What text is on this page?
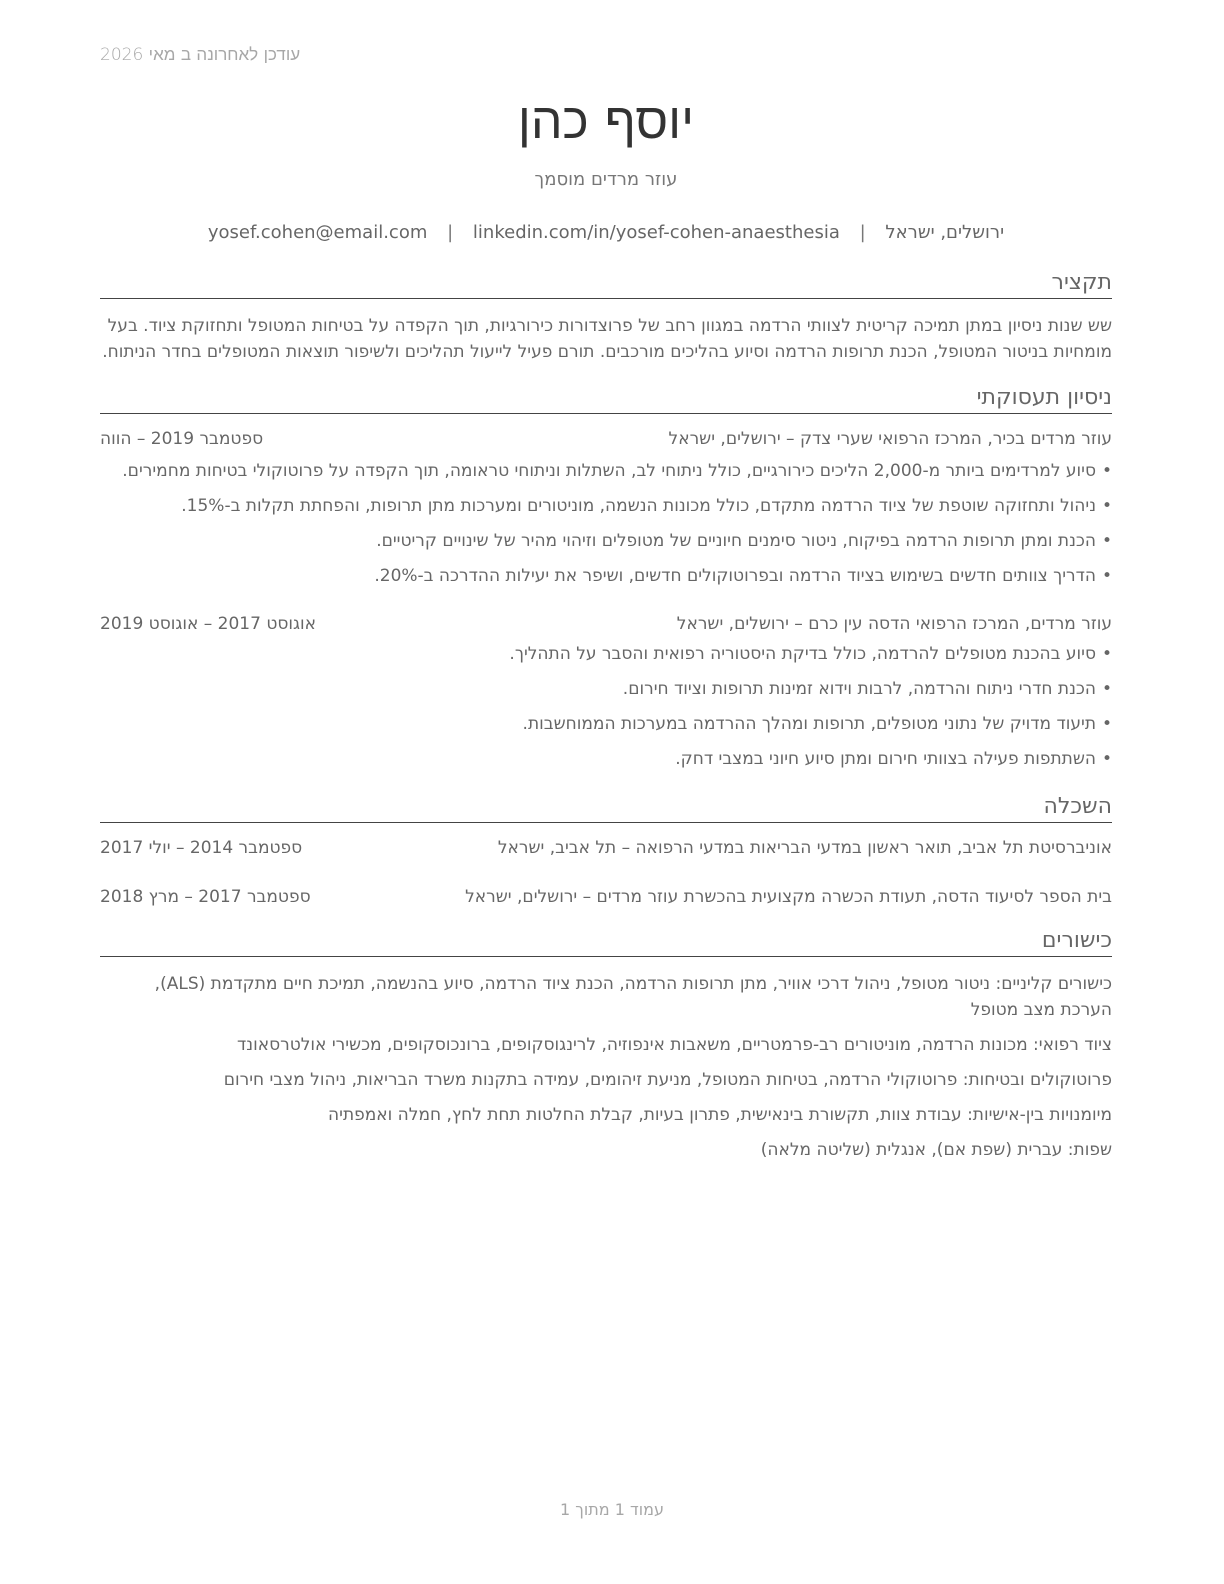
עודכן לאחרונה ב מאי 2026
יוסף כהן
עוזר מרדים מוסמך
ירושלים, ישראל | yosef.cohen@email.com | linkedin.com/in/yosef-cohen-anaesthesia
תקציר
שש שנות ניסיון במתן תמיכה קריטית לצוותי הרדמה במגוון רחב של פרוצדורות כירורגיות, תוך הקפדה על בטיחות המטופל ותחזוקת ציוד. בעל מומחיות בניטור המטופל, הכנת תרופות הרדמה וסיוע בהליכים מורכבים. תורם פעיל לייעול תהליכים ולשיפור תוצאות המטופלים בחדר הניתוח.
ניסיון תעסוקתי
עוזר מרדים בכיר, המרכז הרפואי שערי צדק – ירושלים, ישראל
ספטמבר 2019 – הווה
• סיוע למרדימים ביותר מ-2,000 הליכים כירורגיים, כולל ניתוחי לב, השתלות וניתוחי טראומה, תוך הקפדה על פרוטוקולי בטיחות מחמירים.
• ניהול ותחזוקה שוטפת של ציוד הרדמה מתקדם, כולל מכונות הנשמה, מוניטורים ומערכות מתן תרופות, והפחתת תקלות ב-15%.
• הכנת ומתן תרופות הרדמה בפיקוח, ניטור סימנים חיוניים של מטופלים וזיהוי מהיר של שינויים קריטיים.
• הדריך צוותים חדשים בשימוש בציוד הרדמה ובפרוטוקולים חדשים, ושיפר את יעילות ההדרכה ב-20%.
עוזר מרדים, המרכז הרפואי הדסה עין כרם – ירושלים, ישראל
אוגוסט 2017 – אוגוסט 2019
• סיוע בהכנת מטופלים להרדמה, כולל בדיקת היסטוריה רפואית והסבר על התהליך.
• הכנת חדרי ניתוח והרדמה, לרבות וידוא זמינות תרופות וציוד חירום.
• תיעוד מדויק של נתוני מטופלים, תרופות ומהלך ההרדמה במערכות הממוחשבות.
• השתתפות פעילה בצוותי חירום ומתן סיוע חיוני במצבי דחק.
השכלה
אוניברסיטת תל אביב, תואר ראשון במדעי הבריאות במדעי הרפואה – תל אביב, ישראל
ספטמבר 2014 – יולי 2017
בית הספר לסיעוד הדסה, תעודת הכשרה מקצועית בהכשרת עוזר מרדים – ירושלים, ישראל
ספטמבר 2017 – מרץ 2018
כישורים

כישורים קליניים: ניטור מטופל, ניהול דרכי אוויר, מתן תרופות הרדמה, הכנת ציוד הרדמה, סיוע בהנשמה, תמיכת חיים מתקדמת (ALS), הערכת מצב מטופל

ציוד רפואי: מכונות הרדמה, מוניטורים רב-פרמטריים, משאבות אינפוזיה, לרינגוסקופים, ברונכוסקופים, מכשירי אולטרסאונד

פרוטוקולים ובטיחות: פרוטוקולי הרדמה, בטיחות המטופל, מניעת זיהומים, עמידה בתקנות משרד הבריאות, ניהול מצבי חירום

מיומנויות בין-אישיות: עבודת צוות, תקשורת בינאישית, פתרון בעיות, קבלת החלטות תחת לחץ, חמלה ואמפתיה

שפות: עברית (שפת אם), אנגלית (שליטה מלאה)

עמוד 1 מתוך 1
